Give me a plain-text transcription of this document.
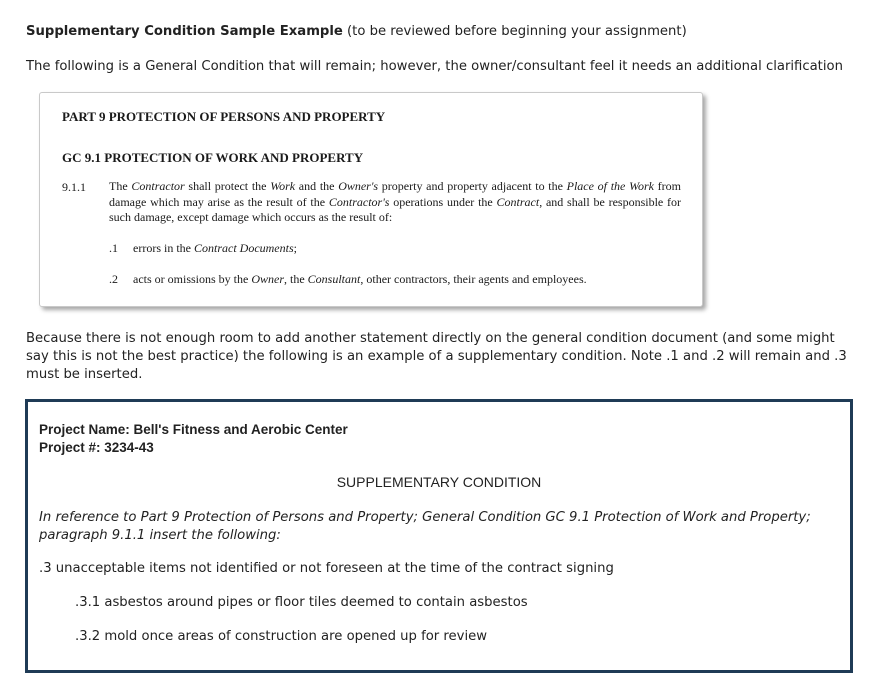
Supplementary Condition Sample Example (to be reviewed before beginning your assignment)
The following is a General Condition that will remain; however, the owner/consultant feel it needs an additional clarification
PART 9 PROTECTION OF PERSONS AND PROPERTY
GC 9.1 PROTECTION OF WORK AND PROPERTY
9.1.1 The Contractor shall protect the Work and the Owner's property and property adjacent to the Place of the Work from damage which may arise as the result of the Contractor's operations under the Contract, and shall be responsible for such damage, except damage which occurs as the result of:
.1 errors in the Contract Documents;
.2 acts or omissions by the Owner, the Consultant, other contractors, their agents and employees.
Because there is not enough room to add another statement directly on the general condition document (and some might say this is not the best practice) the following is an example of a supplementary condition. Note .1 and .2 will remain and .3 must be inserted.
Project Name: Bell's Fitness and Aerobic Center
Project #: 3234-43
SUPPLEMENTARY CONDITION
In reference to Part 9 Protection of Persons and Property; General Condition GC 9.1 Protection of Work and Property; paragraph 9.1.1 insert the following:
.3 unacceptable items not identified or not foreseen at the time of the contract signing
.3.1 asbestos around pipes or floor tiles deemed to contain asbestos
.3.2 mold once areas of construction are opened up for review
